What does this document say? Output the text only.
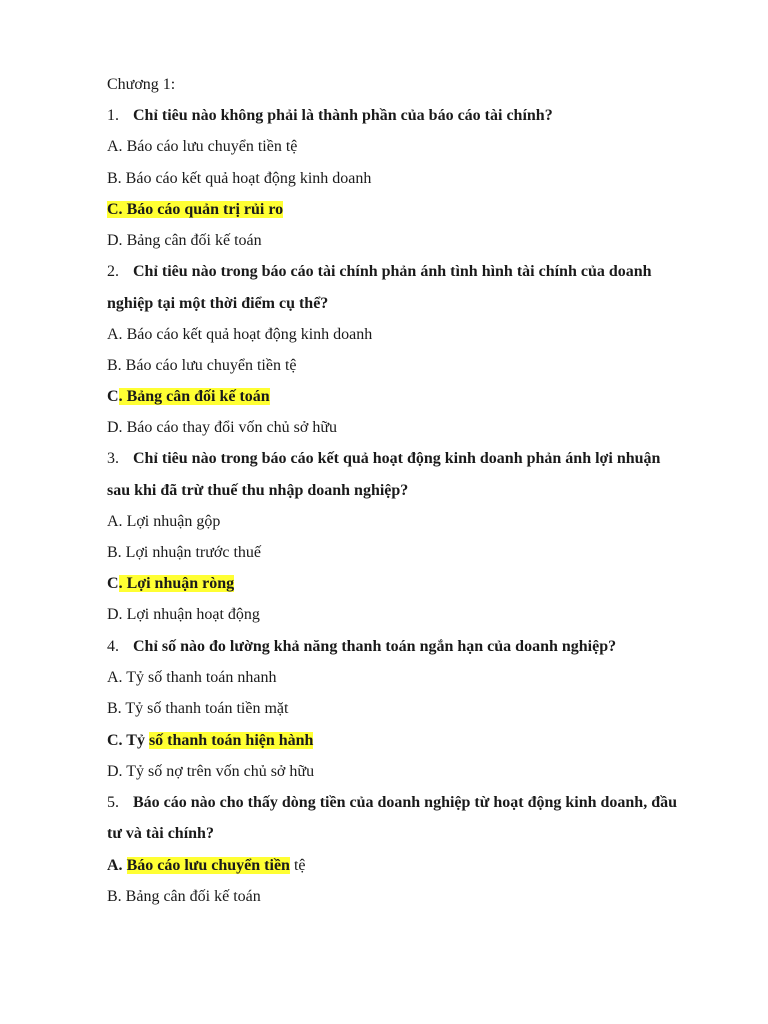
Chương 1:
1. Chỉ tiêu nào không phải là thành phần của báo cáo tài chính?
A. Báo cáo lưu chuyển tiền tệ
B. Báo cáo kết quả hoạt động kinh doanh
C. Báo cáo quản trị rủi ro
D. Bảng cân đối kế toán
2. Chỉ tiêu nào trong báo cáo tài chính phản ánh tình hình tài chính của doanh
nghiệp tại một thời điểm cụ thể?
A. Báo cáo kết quả hoạt động kinh doanh
B. Báo cáo lưu chuyển tiền tệ
C. Bảng cân đối kế toán
D. Báo cáo thay đổi vốn chủ sở hữu
3. Chỉ tiêu nào trong báo cáo kết quả hoạt động kinh doanh phản ánh lợi nhuận
sau khi đã trừ thuế thu nhập doanh nghiệp?
A. Lợi nhuận gộp
B. Lợi nhuận trước thuế
C. Lợi nhuận ròng
D. Lợi nhuận hoạt động
4. Chỉ số nào đo lường khả năng thanh toán ngắn hạn của doanh nghiệp?
A. Tỷ số thanh toán nhanh
B. Tỷ số thanh toán tiền mặt
C. Tỷ số thanh toán hiện hành
D. Tỷ số nợ trên vốn chủ sở hữu
5. Báo cáo nào cho thấy dòng tiền của doanh nghiệp từ hoạt động kinh doanh, đầu
tư và tài chính?
A. Báo cáo lưu chuyển tiền tệ
B. Bảng cân đối kế toán
